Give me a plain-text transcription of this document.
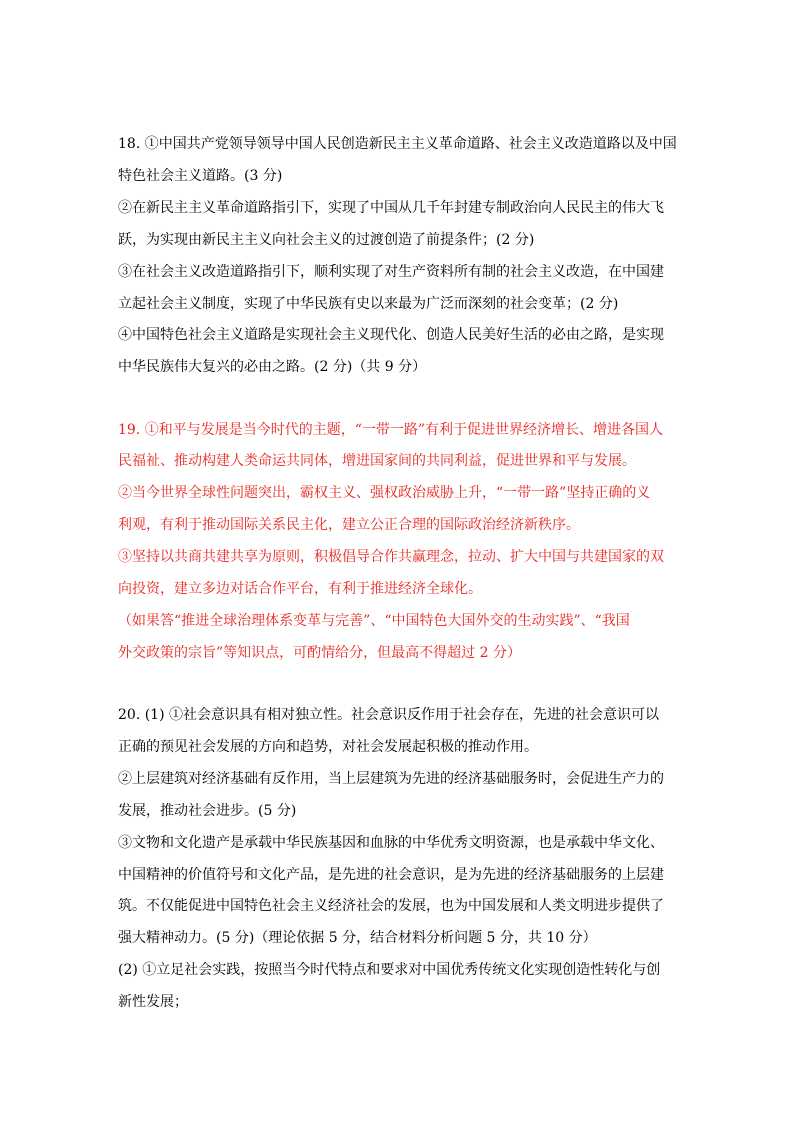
18. ①中国共产党领导领导中国人民创造新民主主义革命道路、社会主义改造道路以及中国
特色社会主义道路。(3 分)
②在新民主主义革命道路指引下，实现了中国从几千年封建专制政治向人民民主的伟大飞
跃，为实现由新民主主义向社会主义的过渡创造了前提条件；(2 分)
③在社会主义改造道路指引下，顺利实现了对生产资料所有制的社会主义改造，在中国建
立起社会主义制度，实现了中华民族有史以来最为广泛而深刻的社会变革；(2 分)
④中国特色社会主义道路是实现社会主义现代化、创造人民美好生活的必由之路，是实现
中华民族伟大复兴的必由之路。(2 分)（共 9 分）
19. ①和平与发展是当今时代的主题，“一带一路”有利于促进世界经济增长、增进各国人
民福祉、推动构建人类命运共同体，增进国家间的共同利益，促进世界和平与发展。
②当今世界全球性问题突出，霸权主义、强权政治威胁上升，“一带一路”坚持正确的义
利观，有利于推动国际关系民主化，建立公正合理的国际政治经济新秩序。
③坚持以共商共建共享为原则，积极倡导合作共赢理念，拉动、扩大中国与共建国家的双
向投资，建立多边对话合作平台，有利于推进经济全球化。
（如果答“推进全球治理体系变革与完善”、“中国特色大国外交的生动实践”、“我国
外交政策的宗旨”等知识点，可酌情给分，但最高不得超过 2 分）
20. (1) ①社会意识具有相对独立性。社会意识反作用于社会存在，先进的社会意识可以
正确的预见社会发展的方向和趋势，对社会发展起积极的推动作用。
②上层建筑对经济基础有反作用，当上层建筑为先进的经济基础服务时，会促进生产力的
发展，推动社会进步。(5 分)
③文物和文化遗产是承载中华民族基因和血脉的中华优秀文明资源，也是承载中华文化、
中国精神的价值符号和文化产品，是先进的社会意识，是为先进的经济基础服务的上层建
筑。不仅能促进中国特色社会主义经济社会的发展，也为中国发展和人类文明进步提供了
强大精神动力。(5 分)（理论依据 5 分，结合材料分析问题 5 分，共 10 分）
(2) ①立足社会实践，按照当今时代特点和要求对中国优秀传统文化实现创造性转化与创
新性发展；
